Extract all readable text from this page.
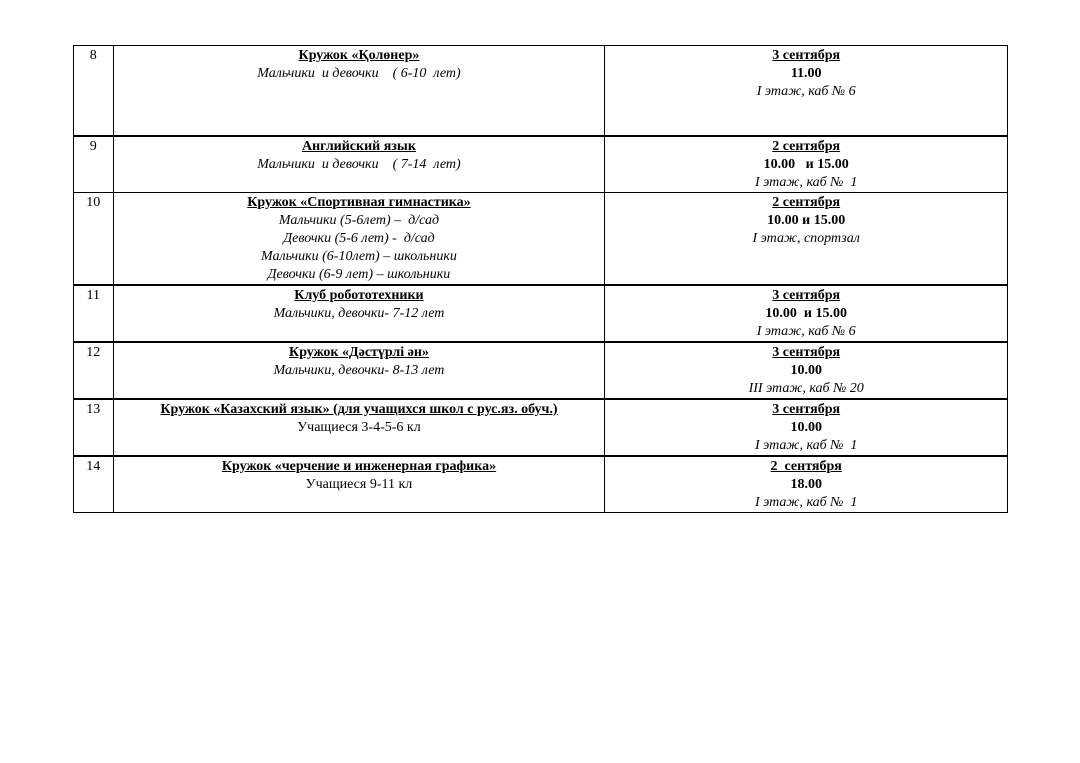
8	Кружок «Қолөнер»
Мальчики  и девочки    ( 6-10  лет)	3 сентября
11.00
I этаж, каб № 6

9	Английский язык
Мальчики  и девочки    ( 7-14  лет)	2 сентября
10.00   и 15.00
I этаж, каб №  1

10	Кружок «Спортивная гимнастика»
Мальчики (5-6лет) –  д/сад
Девочки (5-6 лет) -  д/сад
Мальчики (6-10лет) – школьники
Девочки (6-9 лет) – школьники	2 сентября
10.00 и 15.00
I этаж, спортзал

11	Клуб робототехники
Мальчики, девочки- 7-12 лет	3 сентября
10.00  и 15.00
I этаж, каб № 6

12	Кружок «Дәстүрлі ән»
Мальчики, девочки- 8-13 лет	3 сентября
10.00
III этаж, каб № 20

13	Кружок «Казахский язык» (для учащихся школ с рус.яз. обуч.)
Учащиеся 3-4-5-6 кл	3 сентября
10.00
I этаж, каб №  1

14	Кружок «черчение и инженерная графика»
Учащиеся 9-11 кл	2  сентября
18.00
I этаж, каб №  1
